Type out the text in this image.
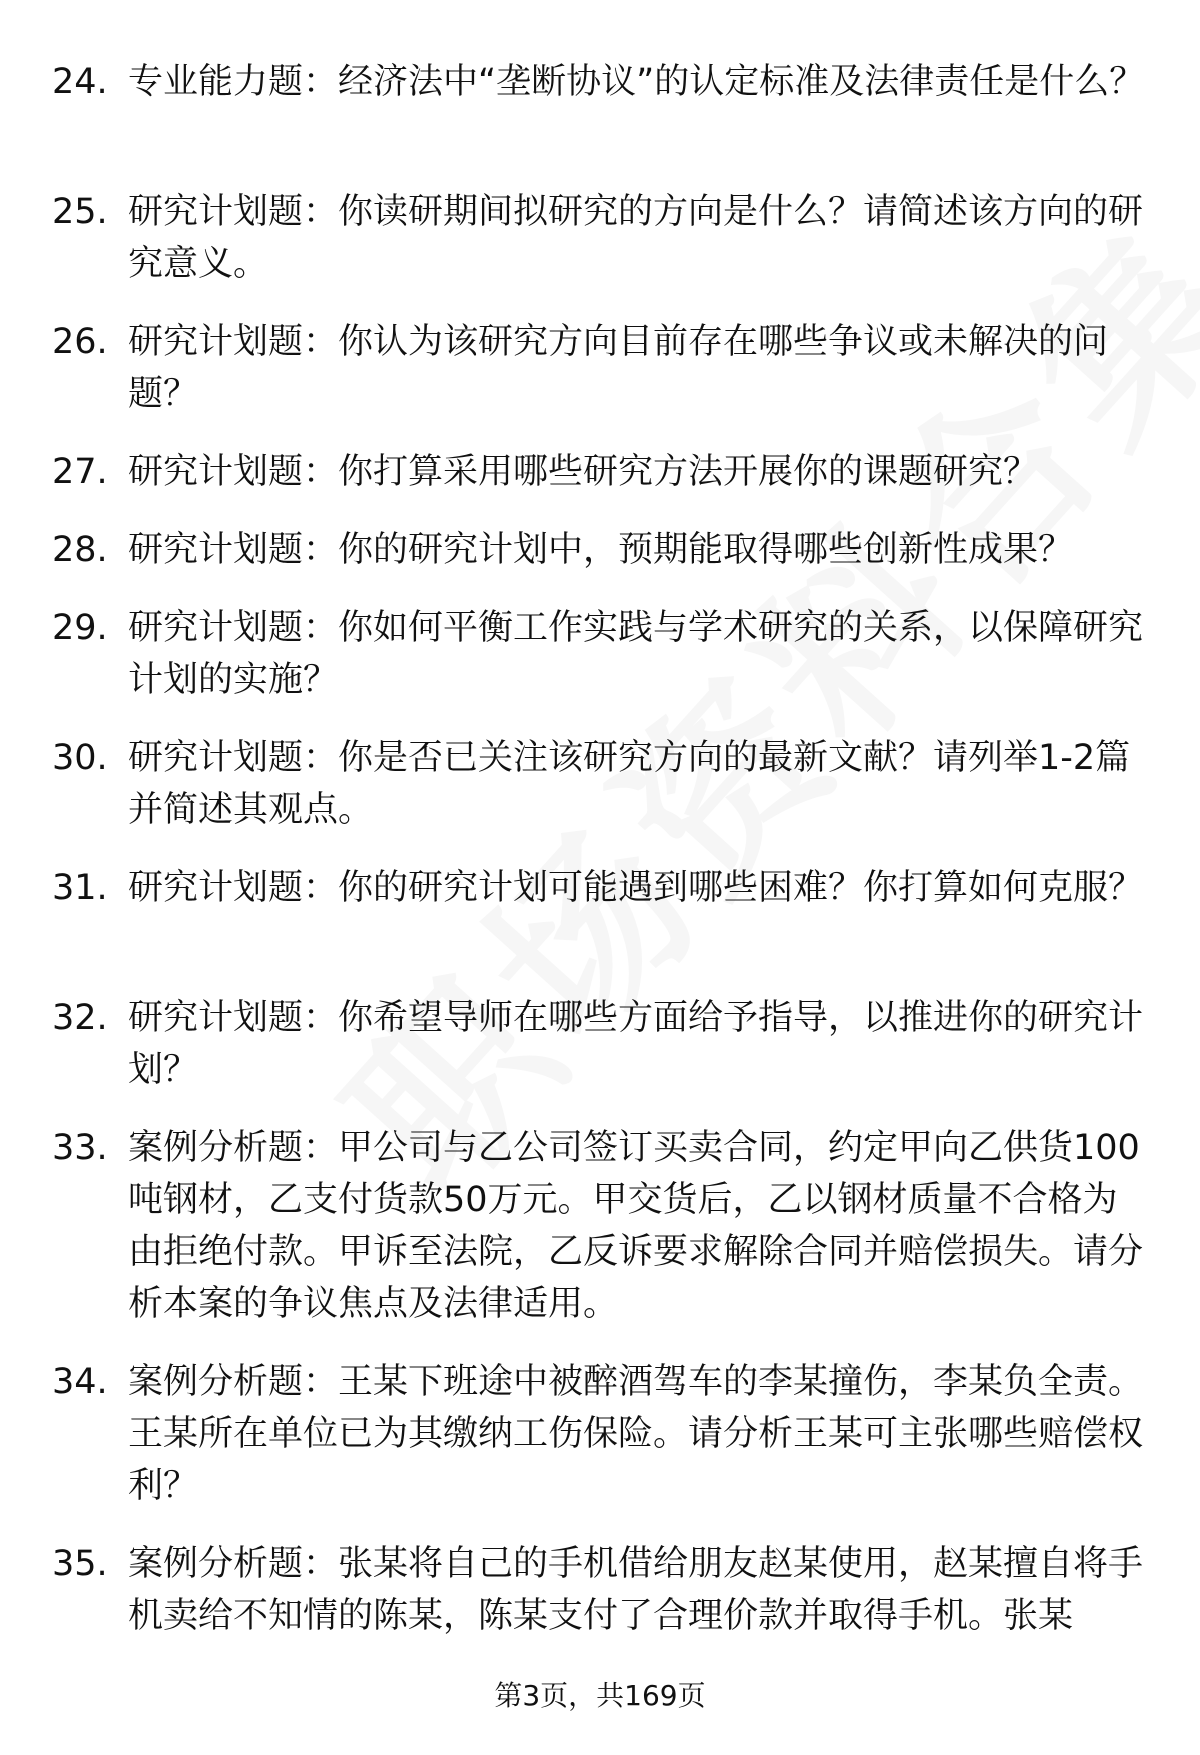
24. 专业能力题：经济法中“垄断协议”的认定标准及法律责任是什么？
25. 研究计划题：你读研期间拟研究的方向是什么？请简述该方向的研究意义。
26. 研究计划题：你认为该研究方向目前存在哪些争议或未解决的问题？
27. 研究计划题：你打算采用哪些研究方法开展你的课题研究？
28. 研究计划题：你的研究计划中，预期能取得哪些创新性成果？
29. 研究计划题：你如何平衡工作实践与学术研究的关系，以保障研究计划的实施？
30. 研究计划题：你是否已关注该研究方向的最新文献？请列举1-2篇并简述其观点。
31. 研究计划题：你的研究计划可能遇到哪些困难？你打算如何克服？
32. 研究计划题：你希望导师在哪些方面给予指导，以推进你的研究计划？
33. 案例分析题：甲公司与乙公司签订买卖合同，约定甲向乙供货100吨钢材，乙支付货款50万元。甲交货后，乙以钢材质量不合格为由拒绝付款。甲诉至法院，乙反诉要求解除合同并赔偿损失。请分析本案的争议焦点及法律适用。
34. 案例分析题：王某下班途中被醉酒驾车的李某撞伤，李某负全责。王某所在单位已为其缴纳工伤保险。请分析王某可主张哪些赔偿权利？
35. 案例分析题：张某将自己的手机借给朋友赵某使用，赵某擅自将手机卖给不知情的陈某，陈某支付了合理价款并取得手机。张某
第3页，共169页
